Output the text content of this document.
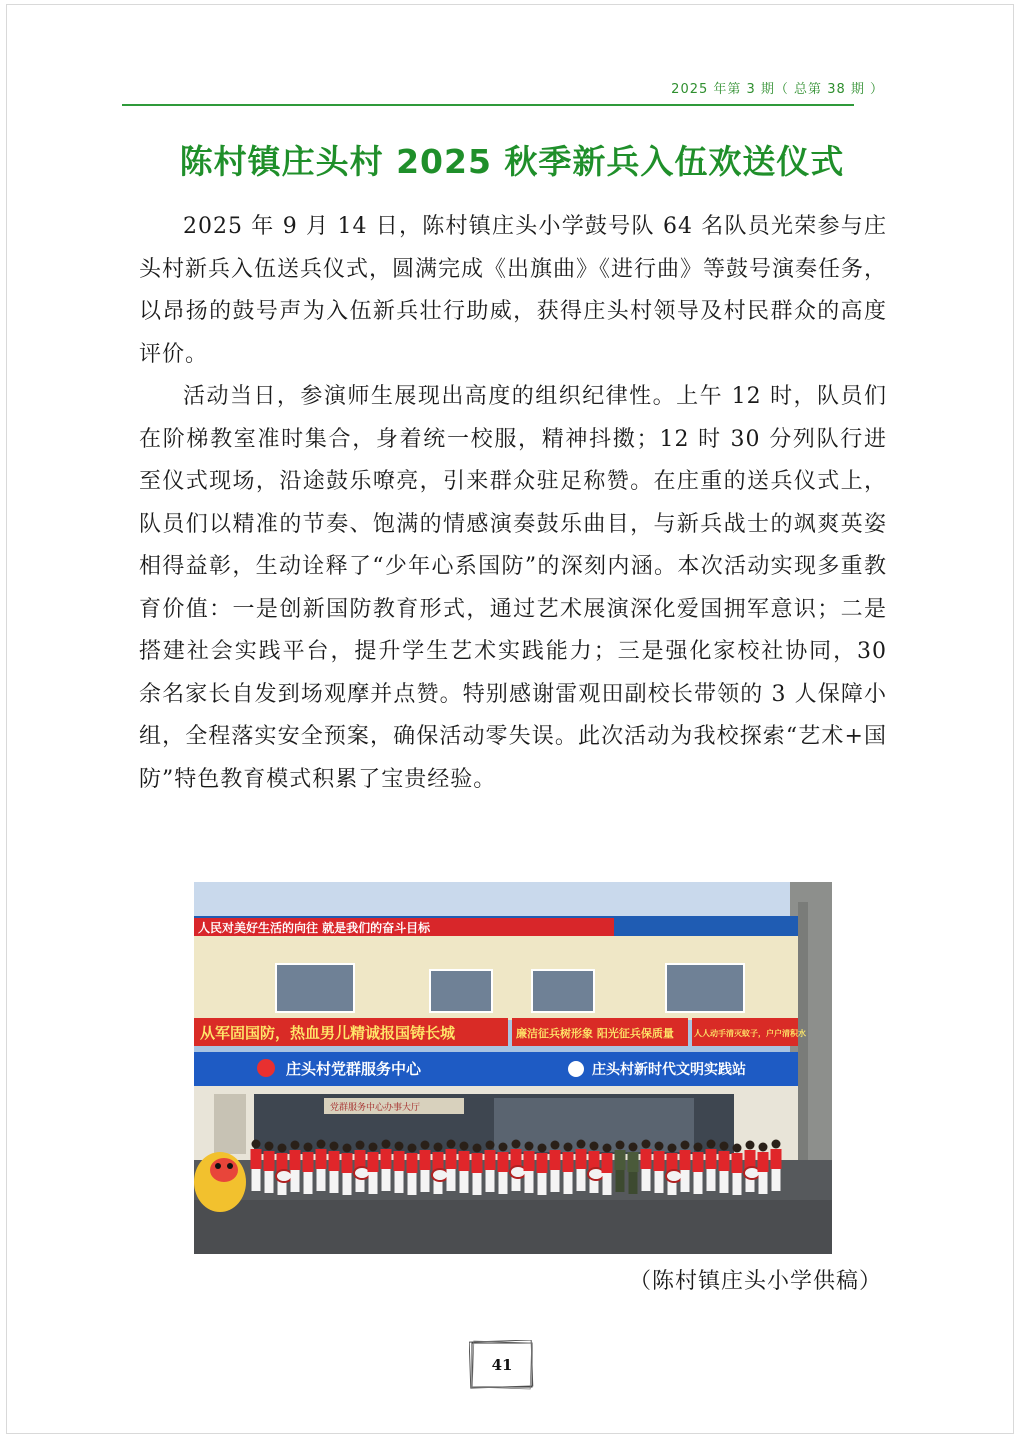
2025 年第 3 期（ 总第 38 期 ）
陈村镇庄头村 2025 秋季新兵入伍欢送仪式

2025 年 9 月 14 日，陈村镇庄头小学鼓号队 64 名队员光荣参与庄头村新兵入伍送兵仪式，圆满完成《出旗曲》《进行曲》等鼓号演奏任务，以昂扬的鼓号声为入伍新兵壮行助威，获得庄头村领导及村民群众的高度评价。

活动当日，参演师生展现出高度的组织纪律性。上午 12 时，队员们在阶梯教室准时集合，身着统一校服，精神抖擞；12 时 30 分列队行进至仪式现场，沿途鼓乐嘹亮，引来群众驻足称赞。在庄重的送兵仪式上，队员们以精准的节奏、饱满的情感演奏鼓乐曲目，与新兵战士的飒爽英姿相得益彰，生动诠释了“少年心系国防”的深刻内涵。本次活动实现多重教育价值：一是创新国防教育形式，通过艺术展演深化爱国拥军意识；二是搭建社会实践平台，提升学生艺术实践能力；三是强化家校社协同，30 余名家长自发到场观摩并点赞。特别感谢雷观田副校长带领的 3 人保障小组，全程落实安全预案，确保活动零失误。此次活动为我校探索“艺术+国防”特色教育模式积累了宝贵经验。

人民对美好生活的向往 就是我们的奋斗目标
从军固国防，热血男儿精诚报国铸长城	廉洁征兵树形象 阳光征兵保质量	人人动手清灭蚊子，户户清积水
庄头村党群服务中心	庄头村新时代文明实践站
党群服务中心办事大厅
（陈村镇庄头小学供稿）
41
